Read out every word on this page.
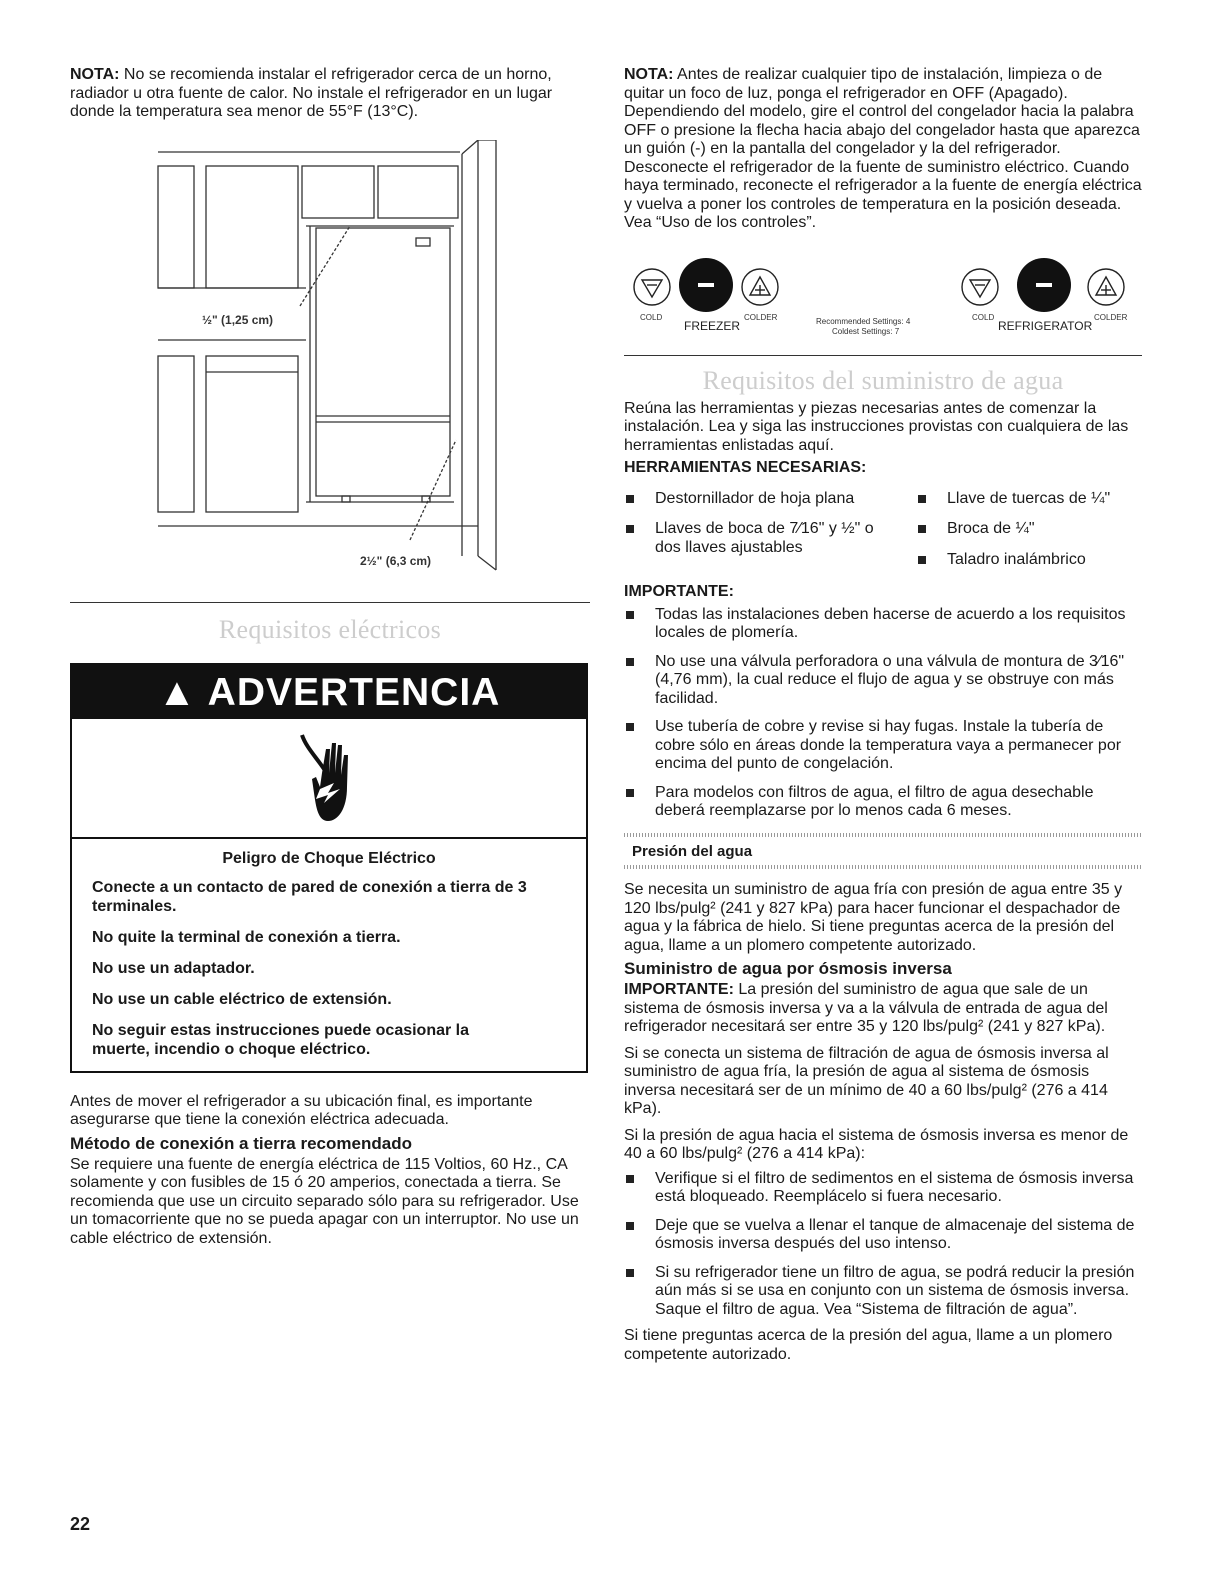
NOTA: No se recomienda instalar el refrigerador cerca de un horno, radiador u otra fuente de calor. No instale el refrigerador en un lugar donde la temperatura sea menor de 55°F (13°C).

½" (1,25 cm)
2½" (6,3 cm)
Requisitos eléctricos
▲ ADVERTENCIA

Peligro de Choque Eléctrico

Conecte a un contacto de pared de conexión a tierra de 3 terminales.

No quite la terminal de conexión a tierra.

No use un adaptador.

No use un cable eléctrico de extensión.

No seguir estas instrucciones puede ocasionar la muerte, incendio o choque eléctrico.

Antes de mover el refrigerador a su ubicación final, es importante asegurarse que tiene la conexión eléctrica adecuada.

Método de conexión a tierra recomendado

Se requiere una fuente de energía eléctrica de 115 Voltios, 60 Hz., CA solamente y con fusibles de 15 ó 20 amperios, conectada a tierra. Se recomienda que use un circuito separado sólo para su refrigerador. Use un tomacorriente que no se pueda apagar con un interruptor. No use un cable eléctrico de extensión.

NOTA: Antes de realizar cualquier tipo de instalación, limpieza o de quitar un foco de luz, ponga el refrigerador en OFF (Apagado). Dependiendo del modelo, gire el control del congelador hacia la palabra OFF o presione la flecha hacia abajo del congelador hasta que aparezca un guión (-) en la pantalla del congelador y la del refrigerador. Desconecte el refrigerador de la fuente de suministro eléctrico. Cuando haya terminado, reconecte el refrigerador a la fuente de energía eléctrica y vuelva a poner los controles de temperatura en la posición deseada. Vea “Uso de los controles”.

COLD
FREEZER
COLDER	Recommended Settings: 4
Coldest Settings: 7
COLD
REFRIGERATOR
COLDER
Requisitos del suministro de agua

Reúna las herramientas y piezas necesarias antes de comenzar la instalación. Lea y siga las instrucciones provistas con cualquiera de las herramientas enlistadas aquí.

HERRAMIENTAS NECESARIAS:

Destornillador de hoja plana
Llaves de boca de 7⁄16" y ½" o dos llaves ajustables
Llave de tuercas de ¼"
Broca de ¼"
Taladro inalámbrico

IMPORTANTE:

Todas las instalaciones deben hacerse de acuerdo a los requisitos locales de plomería.
No use una válvula perforadora o una válvula de montura de 3⁄16" (4,76 mm), la cual reduce el flujo de agua y se obstruye con más facilidad.
Use tubería de cobre y revise si hay fugas. Instale la tubería de cobre sólo en áreas donde la temperatura vaya a permanecer por encima del punto de congelación.
Para modelos con filtros de agua, el filtro de agua desechable deberá reemplazarse por lo menos cada 6 meses.

Presión del agua

Se necesita un suministro de agua fría con presión de agua entre 35 y 120 lbs/pulg² (241 y 827 kPa) para hacer funcionar el despachador de agua y la fábrica de hielo. Si tiene preguntas acerca de la presión del agua, llame a un plomero competente autorizado.

Suministro de agua por ósmosis inversa

IMPORTANTE: La presión del suministro de agua que sale de un sistema de ósmosis inversa y va a la válvula de entrada de agua del refrigerador necesitará ser entre 35 y 120 lbs/pulg² (241 y 827 kPa).

Si se conecta un sistema de filtración de agua de ósmosis inversa al suministro de agua fría, la presión de agua al sistema de ósmosis inversa necesitará ser de un mínimo de 40 a 60 lbs/pulg² (276 a 414 kPa).

Si la presión de agua hacia el sistema de ósmosis inversa es menor de 40 a 60 lbs/pulg² (276 a 414 kPa):

Verifique si el filtro de sedimentos en el sistema de ósmosis inversa está bloqueado. Reemplácelo si fuera necesario.
Deje que se vuelva a llenar el tanque de almacenaje del sistema de ósmosis inversa después del uso intenso.
Si su refrigerador tiene un filtro de agua, se podrá reducir la presión aún más si se usa en conjunto con un sistema de ósmosis inversa. Saque el filtro de agua. Vea “Sistema de filtración de agua”.

Si tiene preguntas acerca de la presión del agua, llame a un plomero competente autorizado.

22
